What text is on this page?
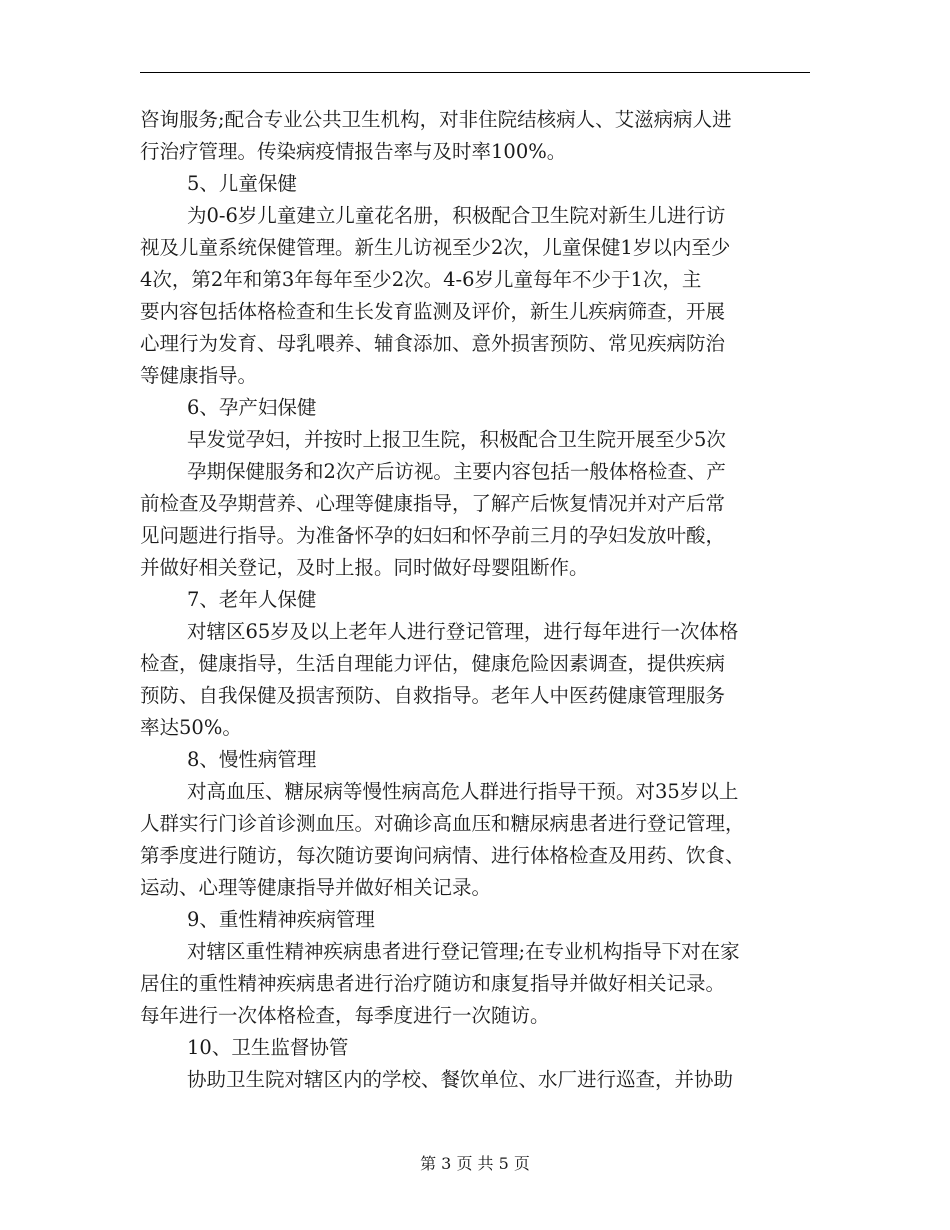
咨询服务;配合专业公共卫生机构，对非住院结核病人、艾滋病病人进
行治疗管理。传染病疫情报告率与及时率100%。
5、儿童保健
为0-6岁儿童建立儿童花名册，积极配合卫生院对新生儿进行访
视及儿童系统保健管理。新生儿访视至少2次，儿童保健1岁以内至少
4次，第2年和第3年每年至少2次。4-6岁儿童每年不少于1次，主
要内容包括体格检查和生长发育监测及评价，新生儿疾病筛查，开展
心理行为发育、母乳喂养、辅食添加、意外损害预防、常见疾病防治
等健康指导。
6、孕产妇保健
早发觉孕妇，并按时上报卫生院，积极配合卫生院开展至少5次
孕期保健服务和2次产后访视。主要内容包括一般体格检查、产
前检查及孕期营养、心理等健康指导，了解产后恢复情况并对产后常
见问题进行指导。为准备怀孕的妇妇和怀孕前三月的孕妇发放叶酸，
并做好相关登记，及时上报。同时做好母婴阻断作。
7、老年人保健
对辖区65岁及以上老年人进行登记管理，进行每年进行一次体格
检查，健康指导，生活自理能力评估，健康危险因素调查，提供疾病
预防、自我保健及损害预防、自救指导。老年人中医药健康管理服务
率达50%。
8、慢性病管理
对高血压、糖尿病等慢性病高危人群进行指导干预。对35岁以上
人群实行门诊首诊测血压。对确诊高血压和糖尿病患者进行登记管理，
第季度进行随访，每次随访要询问病情、进行体格检查及用药、饮食、
运动、心理等健康指导并做好相关记录。
9、重性精神疾病管理
对辖区重性精神疾病患者进行登记管理;在专业机构指导下对在家
居住的重性精神疾病患者进行治疗随访和康复指导并做好相关记录。
每年进行一次体格检查，每季度进行一次随访。
10、卫生监督协管
协助卫生院对辖区内的学校、餐饮单位、水厂进行巡查，并协助
第 3 页 共 5 页
